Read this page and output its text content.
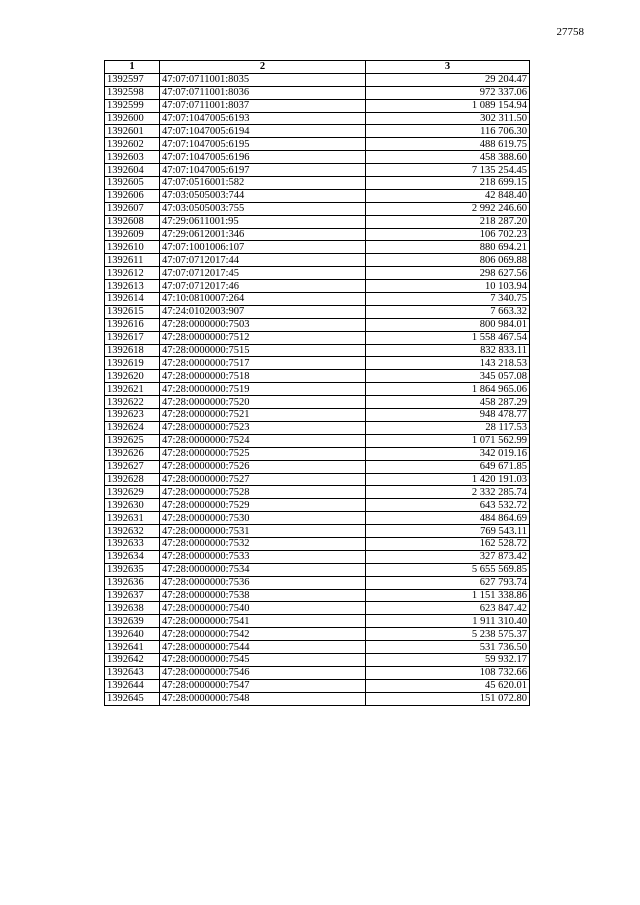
27758
1	2	3
1392597	47:07:0711001:8035	29 204.47
1392598	47:07:0711001:8036	972 337.06
1392599	47:07:0711001:8037	1 089 154.94
1392600	47:07:1047005:6193	302 311.50
1392601	47:07:1047005:6194	116 706.30
1392602	47:07:1047005:6195	488 619.75
1392603	47:07:1047005:6196	458 388.60
1392604	47:07:1047005:6197	7 135 254.45
1392605	47:07:0516001:582	218 699.15
1392606	47:03:0505003:744	42 848.40
1392607	47:03:0505003:755	2 992 246.60
1392608	47:29:0611001:95	218 287.20
1392609	47:29:0612001:346	106 702.23
1392610	47:07:1001006:107	880 694.21
1392611	47:07:0712017:44	806 069.88
1392612	47:07:0712017:45	298 627.56
1392613	47:07:0712017:46	10 103.94
1392614	47:10:0810007:264	7 340.75
1392615	47:24:0102003:907	7 663.32
1392616	47:28:0000000:7503	800 984.01
1392617	47:28:0000000:7512	1 558 467.54
1392618	47:28:0000000:7515	832 833.11
1392619	47:28:0000000:7517	143 218.53
1392620	47:28:0000000:7518	345 057.08
1392621	47:28:0000000:7519	1 864 965.06
1392622	47:28:0000000:7520	458 287.29
1392623	47:28:0000000:7521	948 478.77
1392624	47:28:0000000:7523	28 117.53
1392625	47:28:0000000:7524	1 071 562.99
1392626	47:28:0000000:7525	342 019.16
1392627	47:28:0000000:7526	649 671.85
1392628	47:28:0000000:7527	1 420 191.03
1392629	47:28:0000000:7528	2 332 285.74
1392630	47:28:0000000:7529	643 532.72
1392631	47:28:0000000:7530	484 864.69
1392632	47:28:0000000:7531	769 543.11
1392633	47:28:0000000:7532	162 528.72
1392634	47:28:0000000:7533	327 873.42
1392635	47:28:0000000:7534	5 655 569.85
1392636	47:28:0000000:7536	627 793.74
1392637	47:28:0000000:7538	1 151 338.86
1392638	47:28:0000000:7540	623 847.42
1392639	47:28:0000000:7541	1 911 310.40
1392640	47:28:0000000:7542	5 238 575.37
1392641	47:28:0000000:7544	531 736.50
1392642	47:28:0000000:7545	59 932.17
1392643	47:28:0000000:7546	108 732.66
1392644	47:28:0000000:7547	45 620.01
1392645	47:28:0000000:7548	151 072.80
